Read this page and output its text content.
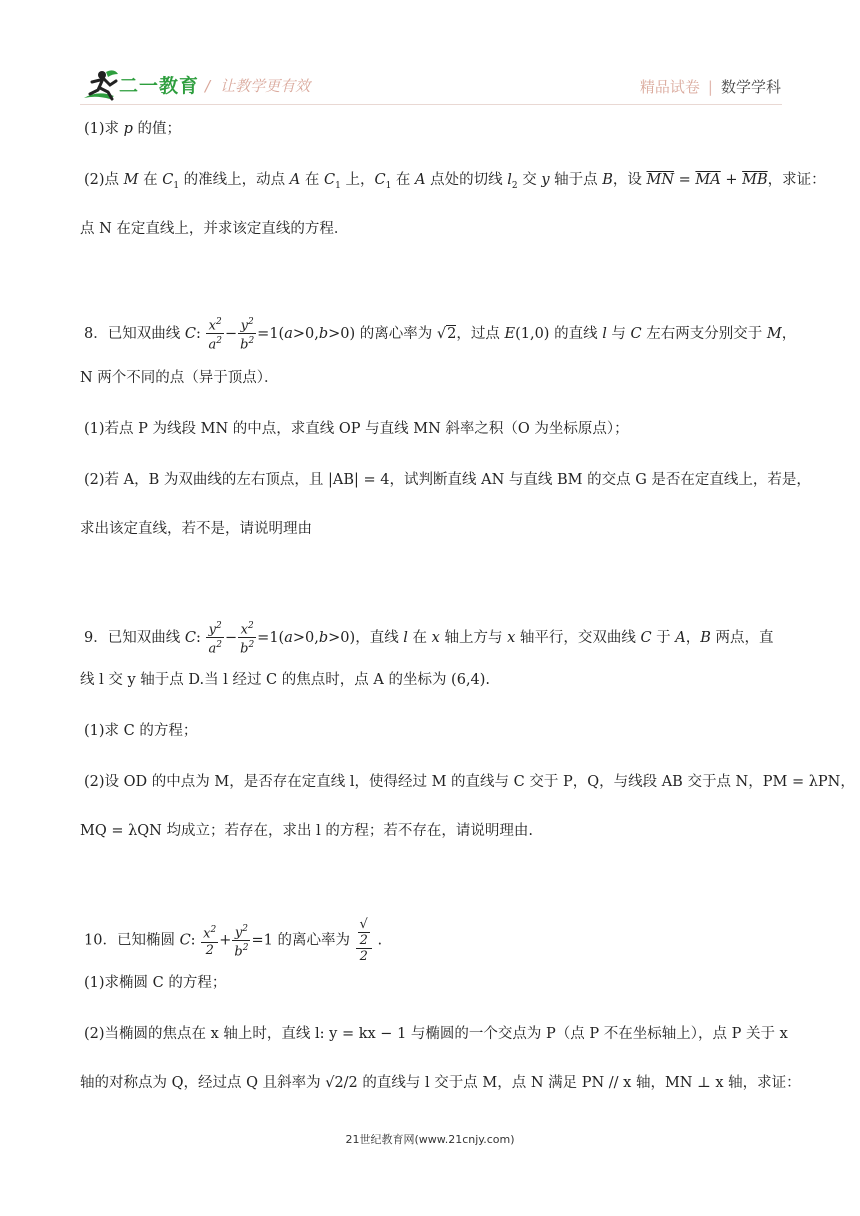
二一教育 / 让教学更有效	精品试卷 | 数学学科
(1)求 p 的值；
(2)点 M 在 $C_1$ 的准线上，动点 A 在 $C_1$ 上，$C_1$ 在 A 点处的切线 $l_2$ 交 y 轴于点 B，设 $\overline{MN} = \overline{MA} + \overline{MB}$，求证：
点 N 在定直线上，并求该定直线的方程．
8．已知双曲线 C: $\frac{x^2}{a^2} - \frac{y^2}{b^2} =1(a>0,b>0)$ 的离心率为 √2，过点 E(1,0) 的直线 l 与 C 左右两支分别交于 M，
N 两个不同的点（异于顶点）．
(1)若点 P 为线段 MN 的中点，求直线 OP 与直线 MN 斜率之积（O 为坐标原点）；
(2)若 A，B 为双曲线的左右顶点，且 |AB| = 4，试判断直线 AN 与直线 BM 的交点 G 是否在定直线上，若是，
求出该定直线，若不是，请说明理由
9．已知双曲线 C: $\frac{y^2}{a^2} - \frac{x^2}{b^2} =1(a>0,b>0)$，直线 l 在 x 轴上方与 x 轴平行，交双曲线 C 于 A，B 两点，直
线 l 交 y 轴于点 D.当 l 经过 C 的焦点时，点 A 的坐标为 (6,4).
(1)求 C 的方程；
(2)设 OD 的中点为 M，是否存在定直线 l，使得经过 M 的直线与 C 交于 P，Q，与线段 AB 交于点 N，PM = λPN，
MQ = λQN 均成立；若存在，求出 l 的方程；若不存在，请说明理由.
10．已知椭圆 C: $\frac{x^2}{2} + \frac{y^2}{b^2} =1$ 的离心率为 √
2
2 .
(1)求椭圆 C 的方程；
(2)当椭圆的焦点在 x 轴上时，直线 l: y = kx − 1 与椭圆的一个交点为 P（点 P 不在坐标轴上），点 P 关于 x
轴的对称点为 Q，经过点 Q 且斜率为 √2/2 的直线与 l 交于点 M，点 N 满足 PN // x 轴，MN ⊥ x 轴，求证：
21世纪教育网(www.21cnjy.com)
